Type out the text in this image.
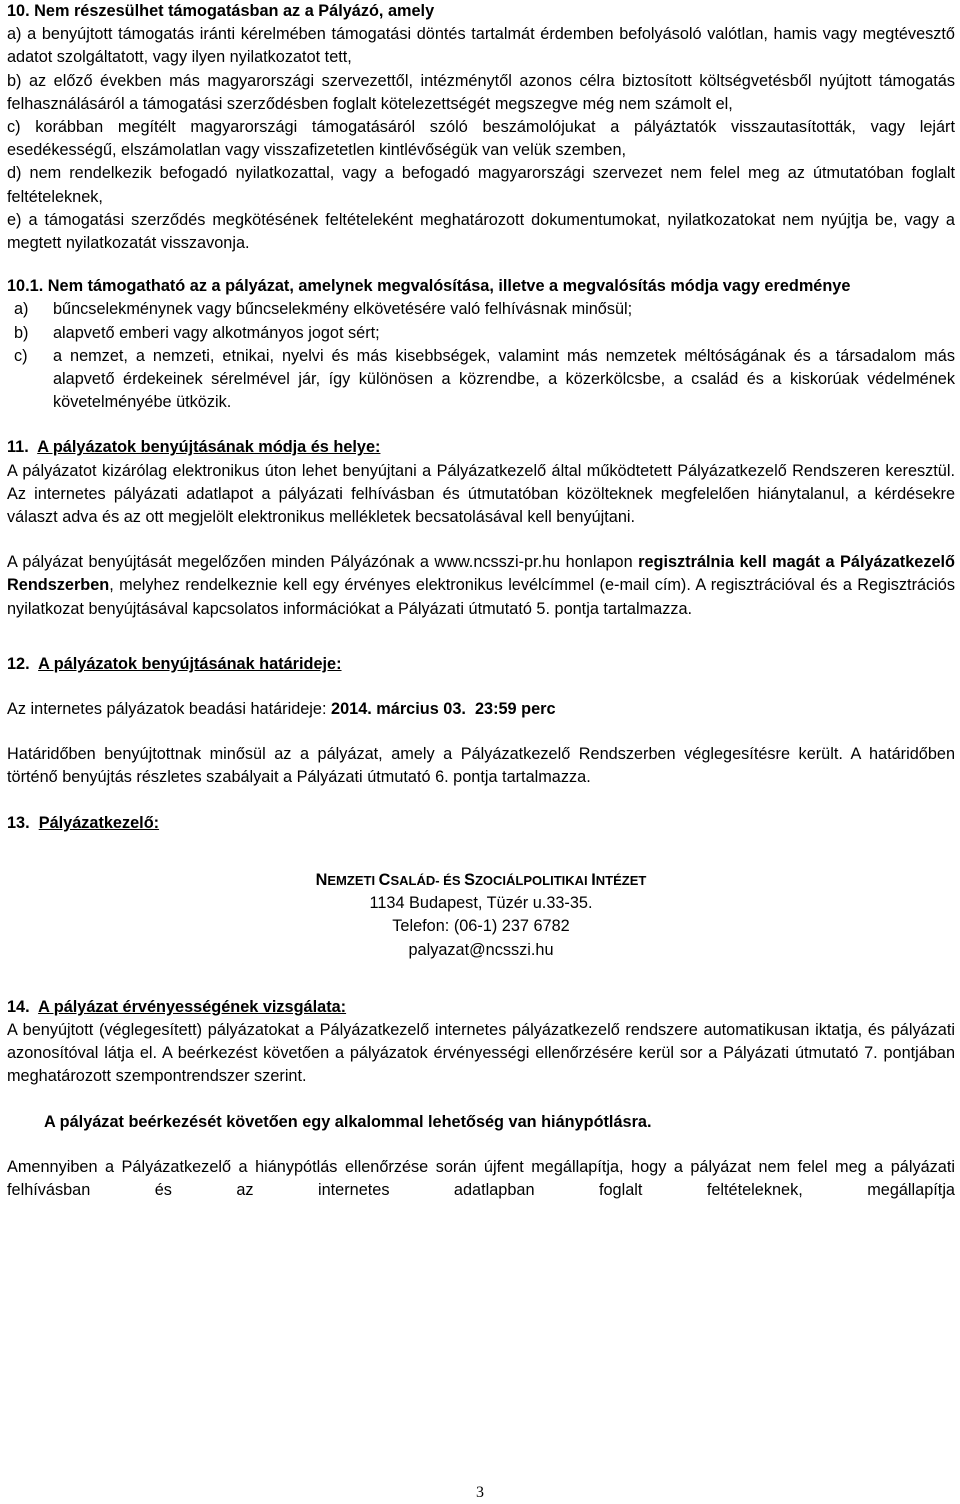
10. Nem részesülhet támogatásban az a Pályázó, amely

a) a benyújtott támogatás iránti kérelmében támogatási döntés tartalmát érdemben befolyásoló valótlan, hamis vagy megtévesztő adatot szolgáltatott, vagy ilyen nyilatkozatot tett,

b) az előző években más magyarországi szervezettől, intézménytől azonos célra biztosított költségvetésből nyújtott támogatás felhasználásáról a támogatási szerződésben foglalt kötelezettségét megszegve még nem számolt el,

c) korábban megítélt magyarországi támogatásáról szóló beszámolójukat a pályáztatók visszautasították, vagy lejárt esedékességű, elszámolatlan vagy visszafizetetlen kintlévőségük van velük szemben,

d) nem rendelkezik befogadó nyilatkozattal, vagy a befogadó magyarországi szervezet nem felel meg az útmutatóban foglalt feltételeknek,

e) a támogatási szerződés megkötésének feltételeként meghatározott dokumentumokat, nyilatkozatokat nem nyújtja be, vagy a megtett nyilatkozatát visszavonja.

10.1. Nem támogatható az a pályázat, amelynek megvalósítása, illetve a megvalósítás módja vagy eredménye

a)	bűncselekménynek vagy bűncselekmény elkövetésére való felhívásnak minősül;
b)	alapvető emberi vagy alkotmányos jogot sért;
c)	a nemzet, a nemzeti, etnikai, nyelvi és más kisebbségek, valamint más nemzetek méltóságának és a társadalom más alapvető érdekeinek sérelmével jár, így különösen a közrendbe, a közerkölcsbe, a család és a kiskorúak védelmének követelményébe ütközik.

11. A pályázatok benyújtásának módja és helye:

A pályázatot kizárólag elektronikus úton lehet benyújtani a Pályázatkezelő által működtetett Pályázatkezelő Rendszeren keresztül. Az internetes pályázati adatlapot a pályázati felhívásban és útmutatóban közölteknek megfelelően hiánytalanul, a kérdésekre választ adva és az ott megjelölt elektronikus mellékletek becsatolásával kell benyújtani.

A pályázat benyújtását megelőzően minden Pályázónak a www.ncsszi-pr.hu honlapon regisztrálnia kell magát a Pályázatkezelő Rendszerben, melyhez rendelkeznie kell egy érvényes elektronikus levélcímmel (e-mail cím). A regisztrációval és a Regisztrációs nyilatkozat benyújtásával kapcsolatos információkat a Pályázati útmutató 5. pontja tartalmazza.

12. A pályázatok benyújtásának határideje:

Az internetes pályázatok beadási határideje: 2014. március 03. 23:59 perc

Határidőben benyújtottnak minősül az a pályázat, amely a Pályázatkezelő Rendszerben véglegesítésre került. A határidőben történő benyújtás részletes szabályait a Pályázati útmutató 6. pontja tartalmazza.

13. Pályázatkezelő:

NEMZETI CSALÁD- ÉS SZOCIÁLPOLITIKAI INTÉZET

1134 Budapest, Tüzér u.33-35.

Telefon: (06-1) 237 6782

palyazat@ncsszi.hu

14. A pályázat érvényességének vizsgálata:

A benyújtott (véglegesített) pályázatokat a Pályázatkezelő internetes pályázatkezelő rendszere automatikusan iktatja, és pályázati azonosítóval látja el. A beérkezést követően a pályázatok érvényességi ellenőrzésére kerül sor a Pályázati útmutató 7. pontjában meghatározott szempontrendszer szerint.

A pályázat beérkezését követően egy alkalommal lehetőség van hiánypótlásra.

Amennyiben a Pályázatkezelő a hiánypótlás ellenőrzése során újfent megállapítja, hogy a pályázat nem felel meg a pályázati felhívásban és az internetes adatlapban foglalt feltételeknek, megállapítja

3
